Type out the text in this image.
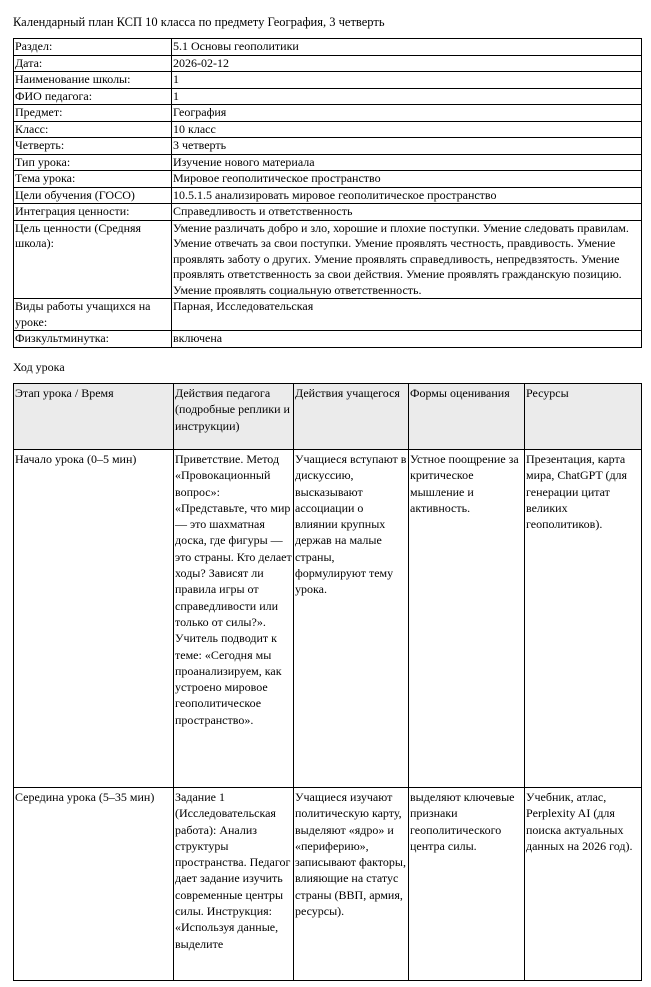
Календарный план КСП 10 класса по предмету География, 3 четверть
Раздел:	5.1 Основы геополитики
Дата:	2026-02-12
Наименование школы:	1
ФИО педагога:	1
Предмет:	География
Класс:	10 класс
Четверть:	3 четверть
Тип урока:	Изучение нового материала
Тема урока:	Мировое геополитическое пространство
Цели обучения (ГОСО)	10.5.1.5 анализировать мировое геополитическое пространство
Интеграция ценности:	Справедливость и ответственность
Цель ценности (Средняя школа):	Умение различать добро и зло, хорошие и плохие поступки. Умение следовать правилам. Умение отвечать за свои поступки. Умение проявлять честность, правдивость. Умение проявлять заботу о других. Умение проявлять справедливость, непредвзятость. Умение проявлять ответственность за свои действия. Умение проявлять гражданскую позицию. Умение проявлять социальную ответственность.
Виды работы учащихся на уроке:	Парная, Исследовательская
Физкультминутка:	включена
Ход урока
Этап урока / Время	Действия педагога (подробные реплики и инструкции)	Действия учащегося	Формы оценивания	Ресурсы
Начало урока (0–5 мин)	Приветствие. Метод «Провокационный вопрос»: «Представьте, что мир — это шахматная доска, где фигуры — это страны. Кто делает ходы? Зависят ли правила игры от справедливости или только от силы?». Учитель подводит к теме: «Сегодня мы проанализируем, как устроено мировое геополитическое пространство».	Учащиеся вступают в дискуссию, высказывают ассоциации о влиянии крупных держав на малые страны, формулируют тему урока.	Устное поощрение за критическое мышление и активность.	Презентация, карта мира, ChatGPT (для генерации цитат великих геополитиков).

Середина урока (5–35 мин)	Задание 1 (Исследовательская работа): Анализ структуры пространства. Педагог дает задание изучить современные центры силы. Инструкция: «Используя данные, выделите	Учащиеся изучают политическую карту, выделяют «ядро» и «периферию», записывают факторы, влияющие на статус страны (ВВП, армия, ресурсы).	выделяют ключевые признаки геополитического центра силы.	Учебник, атлас, Perplexity AI (для поиска актуальных данных на 2026 год).
